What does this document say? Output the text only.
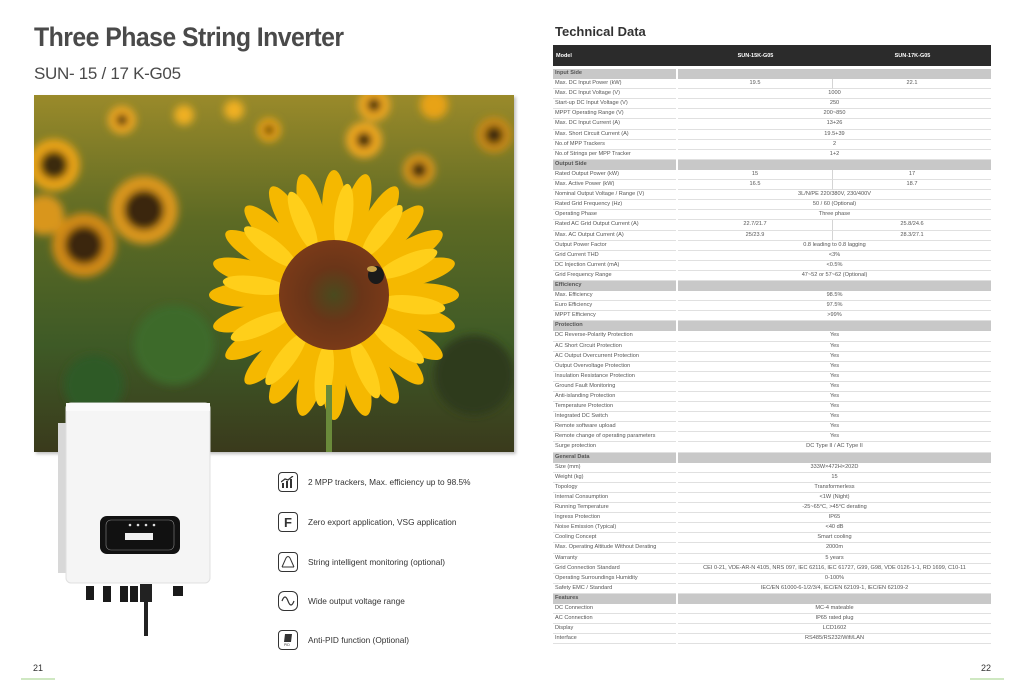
Three Phase String Inverter
SUN- 15 / 17 K-G05
2 MPP trackers, Max. efficiency up to 98.5%
F	Zero export application, VSG application
String intelligent monitoring (optional)
Wide output voltage range
PID Anti-PID function (Optional)
21
Technical Data
Model	SUN-15K-G05	SUN-17K-G05
Input Side
Max. DC Input Power (kW)	19.5	22.1
Max. DC Input Voltage (V)	1000
Start-up DC Input Voltage (V)	250
MPPT Operating Range (V)	200~850
Max. DC Input Current (A)	13+26
Max. Short Circuit Current (A)	19.5+39
No.of MPP Trackers	2
No.of Strings per MPP Tracker	1+2
Output Side
Rated Output Power (kW)	15	17
Max. Active Power (kW)	16.5	18.7
Nominal Output Voltage / Range (V)	3L/N/PE 220/380V, 230/400V
Rated Grid Frequency (Hz)	50 / 60 (Optional)
Operating Phase	Three phase
Rated AC Grid Output Current (A)	22.7/21.7	25.8/24.6
Max. AC Output Current (A)	25/23.9	28.3/27.1
Output Power Factor	0.8 leading to 0.8 lagging
Grid Current THD	<3%
DC Injection Current (mA)	<0.5%
Grid Frequency Range	47~52 or 57~62 (Optional)
Efficiency
Max. Efficiency	98.5%
Euro Efficiency	97.5%
MPPT Efficiency	>99%
Protection
DC Reverse-Polarity Protection	Yes
AC Short Circuit Protection	Yes
AC Output Overcurrent Protection	Yes
Output Overvoltage Protection	Yes
Insulation Resistance Protection	Yes
Ground Fault Monitoring	Yes
Anti-islanding Protection	Yes
Temperature Protection	Yes
Integrated DC Switch	Yes
Remote software upload	Yes
Remote change of operating parameters	Yes
Surge protection	DC Type II / AC Type II
General Data
Size (mm)	333W×472H×202D
Weight (kg)	15
Topology	Transformerless
Internal Consumption	<1W (Night)
Running Temperature	-25~65°C, >45°C derating
Ingress Protection	IP65
Noise Emission (Typical)	<40 dB
Cooling Concept	Smart cooling
Max. Operating Altitude Without Derating	2000m
Warranty	5 years
Grid Connection Standard	CEI 0-21, VDE-AR-N 4105, NRS 097, IEC 62116, IEC 61727, G99, G98, VDE 0126-1-1, RD 1699, C10-11
Operating Surroundings Humidity	0-100%
Safety EMC / Standard	IEC/EN 61000-6-1/2/3/4, IEC/EN 62109-1, IEC/EN 62109-2
Features
DC Connection	MC-4 mateable
AC Connection	IP65 rated plug
Display	LCD1602
Interface	RS485/RS232/Wifi/LAN
22
